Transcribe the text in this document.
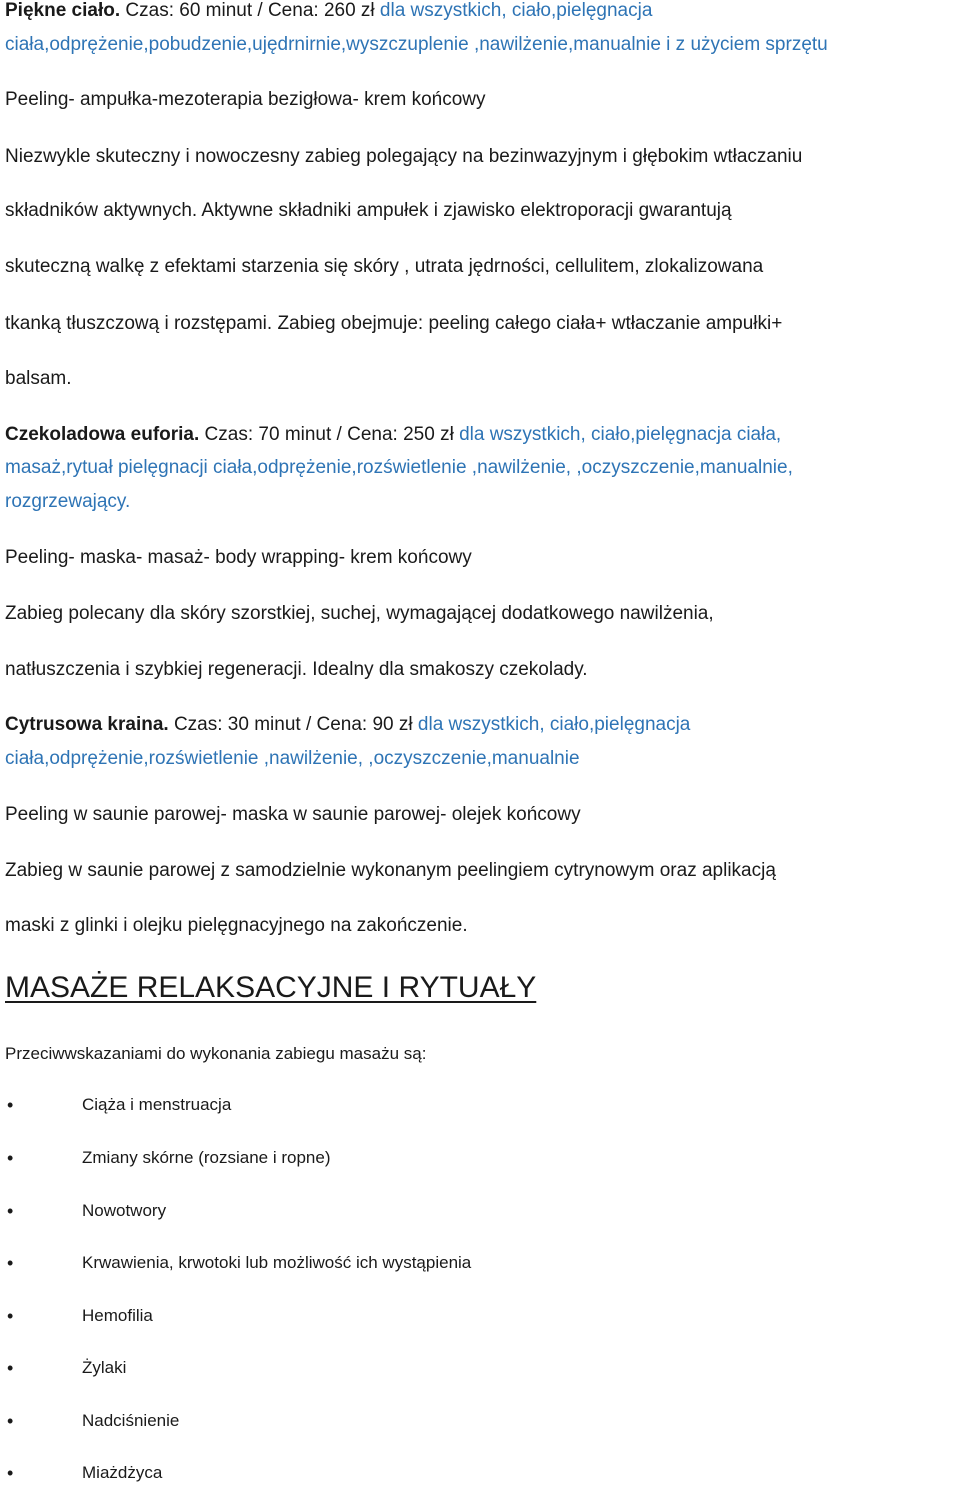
Piękne ciało. Czas: 60 minut / Cena: 260 zł dla wszystkich, ciało,pielęgnacja
ciała,odprężenie,pobudzenie,ujędrnirnie,wyszczuplenie ,nawilżenie,manualnie i z użyciem sprzętu
Peeling- ampułka-mezoterapia bezigłowa- krem końcowy
Niezwykle skuteczny i nowoczesny zabieg polegający na bezinwazyjnym i głębokim wtłaczaniu
składników aktywnych. Aktywne składniki ampułek i zjawisko elektroporacji gwarantują
skuteczną walkę z efektami starzenia się skóry , utrata jędrności, cellulitem, zlokalizowana
tkanką tłuszczową i rozstępami. Zabieg obejmuje: peeling całego ciała+ wtłaczanie ampułki+
balsam.
Czekoladowa euforia. Czas: 70 minut / Cena: 250 zł dla wszystkich, ciało,pielęgnacja ciała,
masaż,rytuał pielęgnacji ciała,odprężenie,rozświetlenie ,nawilżenie, ,oczyszczenie,manualnie,
rozgrzewający.
Peeling- maska- masaż- body wrapping- krem końcowy
Zabieg polecany dla skóry szorstkiej, suchej, wymagającej dodatkowego nawilżenia,
natłuszczenia i szybkiej regeneracji. Idealny dla smakoszy czekolady.
Cytrusowa kraina. Czas: 30 minut / Cena: 90 zł dla wszystkich, ciało,pielęgnacja
ciała,odprężenie,rozświetlenie ,nawilżenie, ,oczyszczenie,manualnie
Peeling w saunie parowej- maska w saunie parowej- olejek końcowy
Zabieg w saunie parowej z samodzielnie wykonanym peelingiem cytrynowym oraz aplikacją
maski z glinki i olejku pielęgnacyjnego na zakończenie.
MASAŻE RELAKSACYJNE I RYTUAŁY
Przeciwwskazaniami do wykonania zabiegu masażu są:
•	Ciąża i menstruacja
•	Zmiany skórne (rozsiane i ropne)
•	Nowotwory
•	Krwawienia, krwotoki lub możliwość ich wystąpienia
•	Hemofilia
•	Żylaki
•	Nadciśnienie
•	Miażdżyca
